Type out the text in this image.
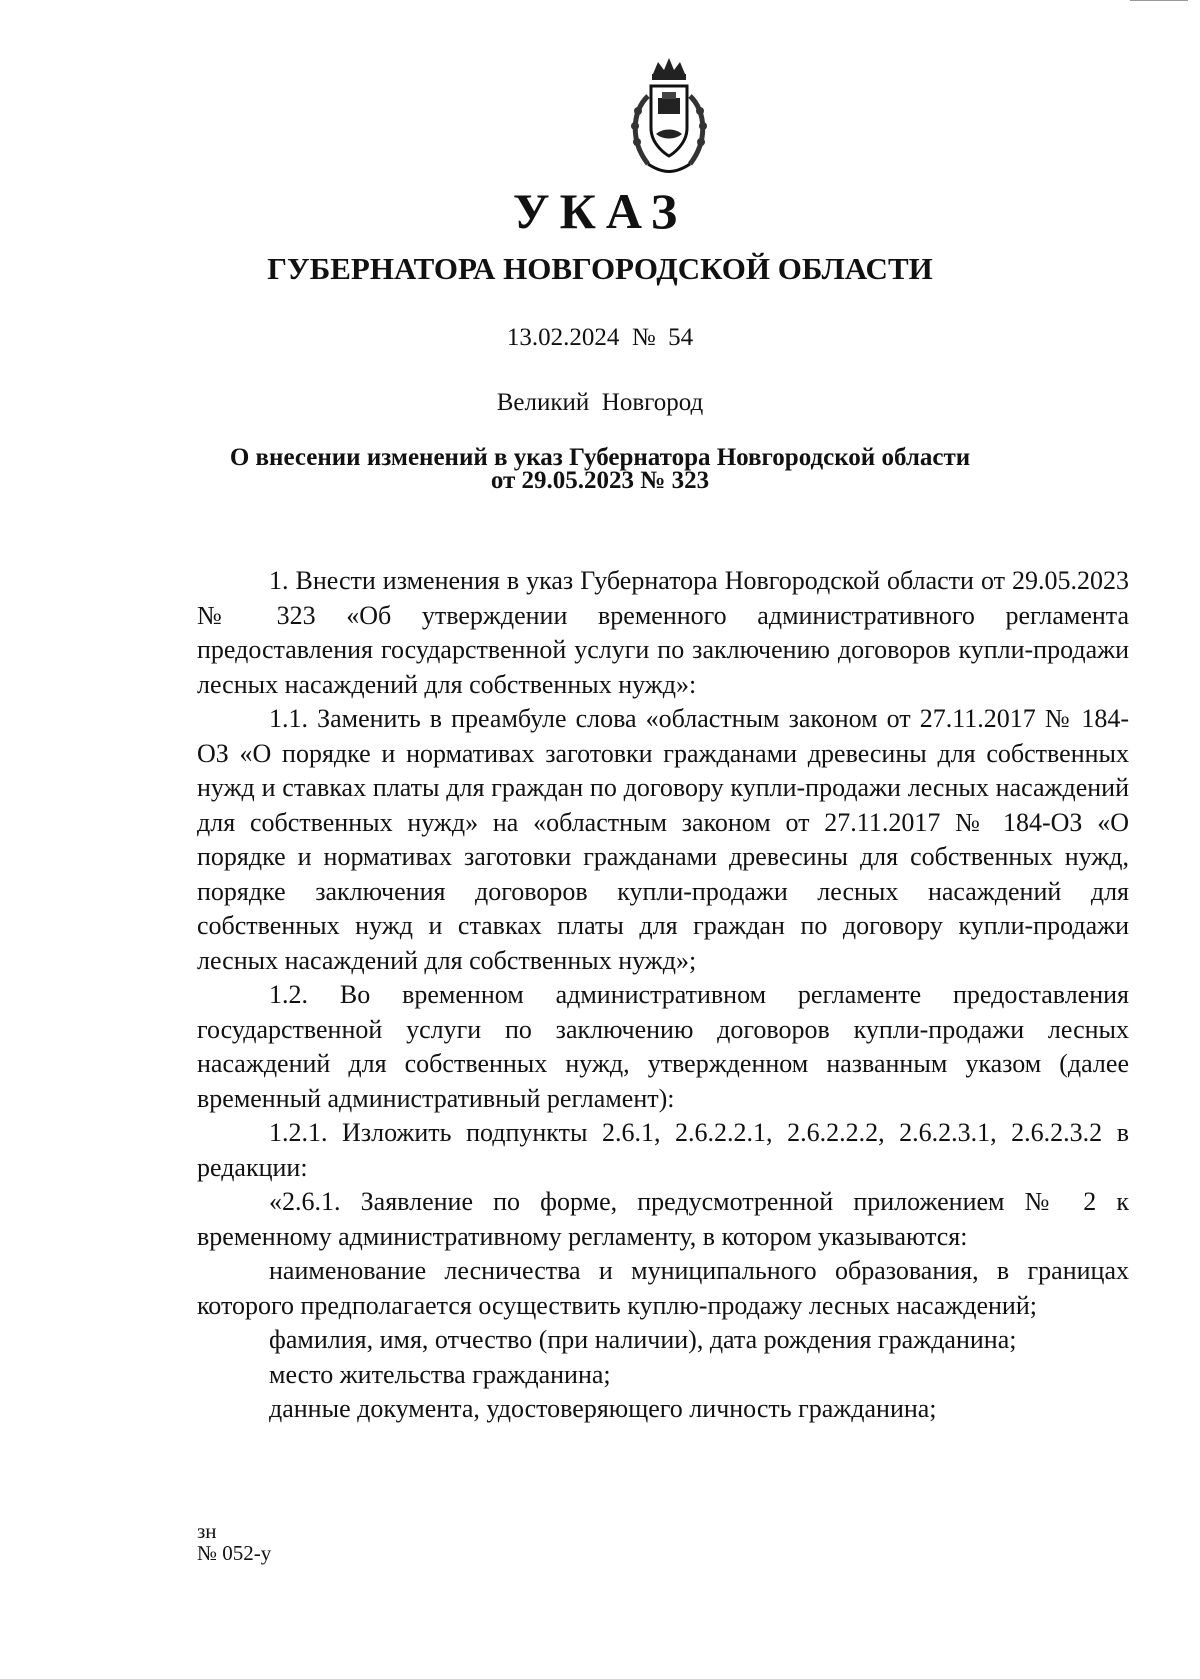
УКАЗ
ГУБЕРНАТОРА НОВГОРОДСКОЙ ОБЛАСТИ
13.02.2024  №  54
Великий  Новгород
О внесении изменений в указ Губернатора Новгородской области
от 29.05.2023 № 323

1. Внести изменения в указ Губернатора Новгородской области от 29.05.2023 № 323 «Об утверждении временного административного регламента предоставления государственной услуги по заключению договоров купли-продажи лесных насаждений для собственных нужд»:

1.1. Заменить в преамбуле слова «областным законом от 27.11.2017 № 184-ОЗ «О порядке и нормативах заготовки гражданами древесины для собственных нужд и ставках платы для граждан по договору купли-продажи лесных насаждений для собственных нужд» на «областным законом от 27.11.2017 № 184-ОЗ «О порядке и нормативах заготовки гражданами древесины для собственных нужд, порядке заключения договоров купли-продажи лесных насаждений для собственных нужд и ставках платы для граждан по договору купли-продажи лесных насаждений для собственных нужд»;

1.2. Во временном административном регламенте предоставления государственной услуги по заключению договоров купли-продажи лесных насаждений для собственных нужд, утвержденном названным указом (далее временный административный регламент):

1.2.1. Изложить подпункты 2.6.1, 2.6.2.2.1, 2.6.2.2.2, 2.6.2.3.1, 2.6.2.3.2 в редакции:

«2.6.1. Заявление по форме, предусмотренной приложением № 2 к временному административному регламенту, в котором указываются:

наименование лесничества и муниципального образования, в границах которого предполагается осуществить куплю-продажу лесных насаждений;

фамилия, имя, отчество (при наличии), дата рождения гражданина;

место жительства гражданина;

данные документа, удостоверяющего личность гражданина;

зн
№ 052-у
